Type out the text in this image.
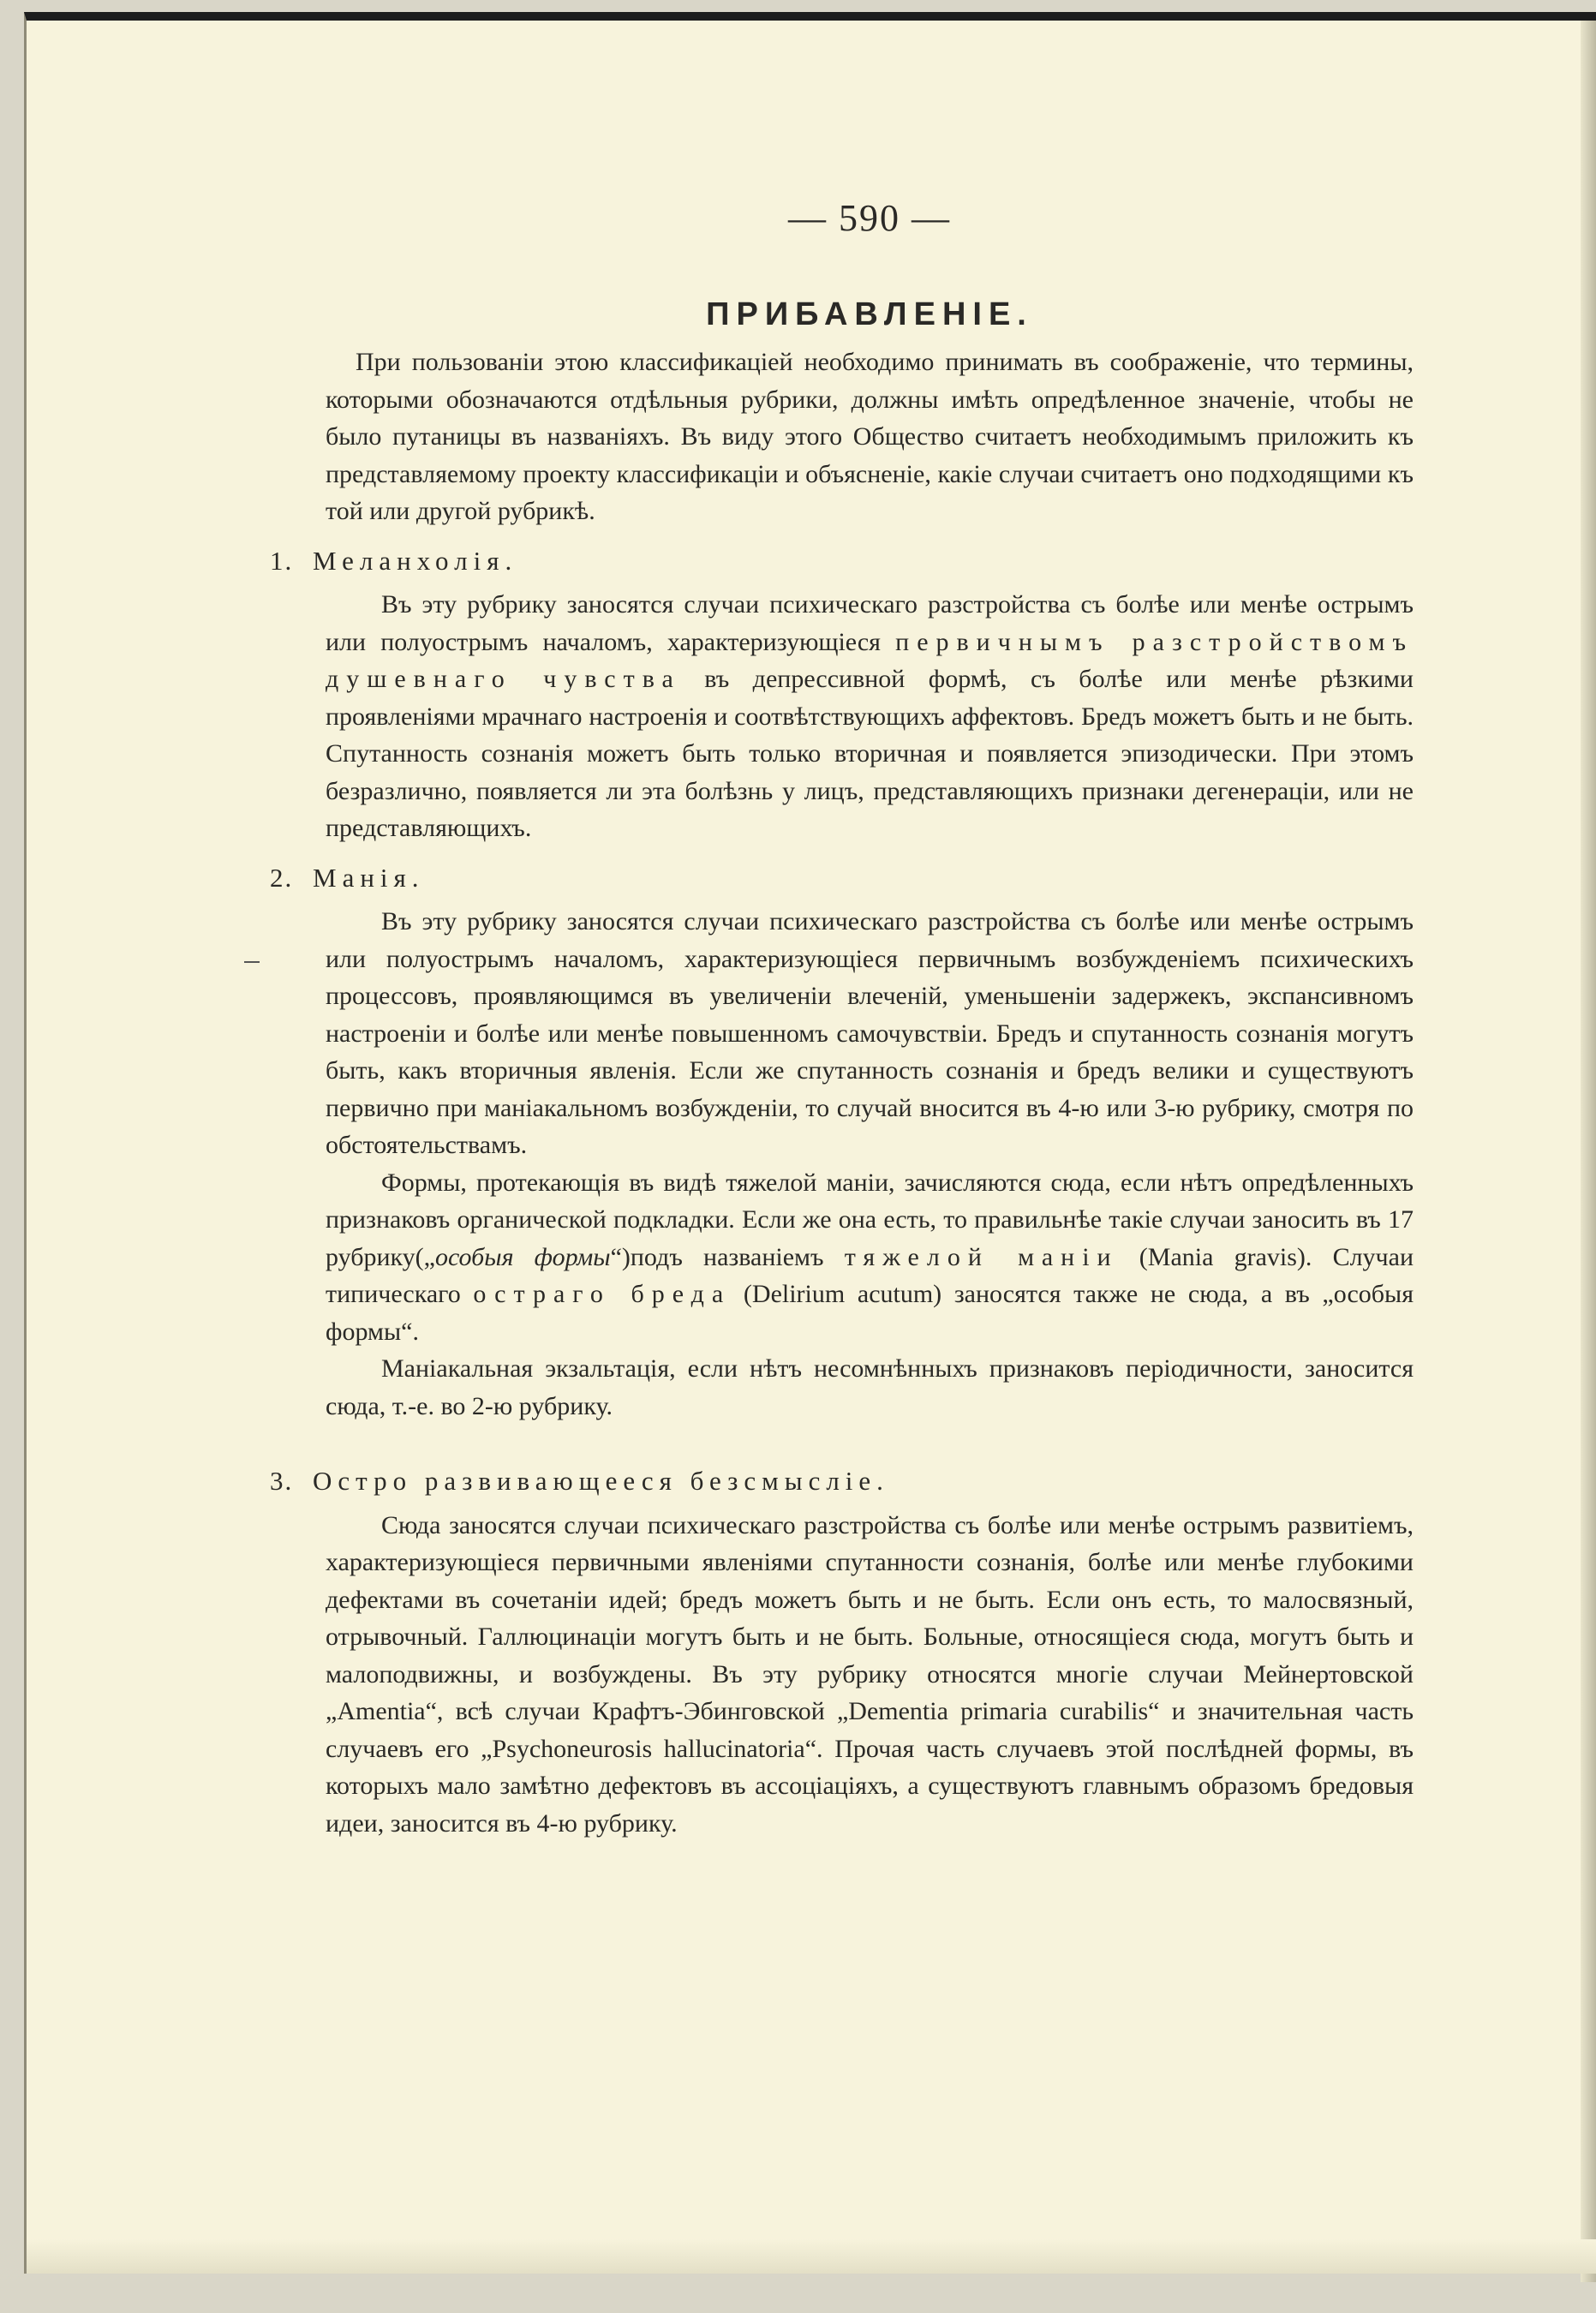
— 590 —
ПРИБАВЛЕНІЕ.

При пользованіи этою классификаціей необходимо принимать въ соображеніе, что термины, которыми обозначаются отдѣльныя рубрики, должны имѣть опредѣленное значеніе, чтобы не было путаницы въ названіяхъ. Въ виду этого Общество считаетъ необходимымъ приложить къ представляемому проекту классификаціи и объясненіе, какіе случаи считаетъ оно подходящими къ той или другой рубрикѣ.

1. Меланхолія.

Въ эту рубрику заносятся случаи психическаго разстройства съ болѣе или менѣе острымъ или полуострымъ началомъ, характеризующіеся первичнымъ разстройствомъ душевнаго чувства въ депрессивной формѣ, съ болѣе или менѣе рѣзкими проявленіями мрачнаго настроенія и соотвѣтствующихъ аффектовъ. Бредъ можетъ быть и не быть. Спутанность сознанія можетъ быть только вторичная и появляется эпизодически. При этомъ безразлично, появляется ли эта болѣзнь у лицъ, представляющихъ признаки дегенераціи, или не представляющихъ.

2. Манія.

Въ эту рубрику заносятся случаи психическаго разстройства съ болѣе или менѣе острымъ или полуострымъ началомъ, характеризующіеся первичнымъ возбужденіемъ психическихъ процессовъ, проявляющимся въ увеличеніи влеченій, уменьшеніи задержекъ, экспансивномъ настроеніи и болѣе или менѣе повышенномъ самочувствіи. Бредъ и спутанность сознанія могутъ быть, какъ вторичныя явленія. Если же спутанность сознанія и бредъ велики и существуютъ первично при маніакальномъ возбужденіи, то случай вносится въ 4-ю или 3-ю рубрику, смотря по обстоятельствамъ.

Формы, протекающія въ видѣ тяжелой маніи, зачисляются сюда, если нѣтъ опредѣленныхъ признаковъ органической подкладки. Если же она есть, то правильнѣе такіе случаи заносить въ 17 рубрику(„особыя формы“)подъ названіемъ тяжелой маніи (Mania gravis). Случаи типическаго остраго бреда (Delirium acutum) заносятся также не сюда, а въ „особыя формы“.

Маніакальная экзальтація, если нѣтъ несомнѣнныхъ признаковъ періодичности, заносится сюда, т.-е. во 2-ю рубрику.

3. Остро развивающееся безсмысліе.

Сюда заносятся случаи психическаго разстройства съ болѣе или менѣе острымъ развитіемъ, характеризующіеся первичными явленіями спутанности сознанія, болѣе или менѣе глубокими дефектами въ сочетаніи идей; бредъ можетъ быть и не быть. Если онъ есть, то малосвязный, отрывочный. Галлюцинаціи могутъ быть и не быть. Больные, относящіеся сюда, могутъ быть и малоподвижны, и возбуждены. Въ эту рубрику относятся многіе случаи Мейнертовской „Amentia“, всѣ случаи Крафтъ-Эбинговской „Dementia primaria curabilis“ и значительная часть случаевъ его „Psychoneurosis hallucinatoria“. Прочая часть случаевъ этой послѣдней формы, въ которыхъ мало замѣтно дефектовъ въ ассоціаціяхъ, а существуютъ главнымъ образомъ бредовыя идеи, заносится въ 4-ю рубрику.
